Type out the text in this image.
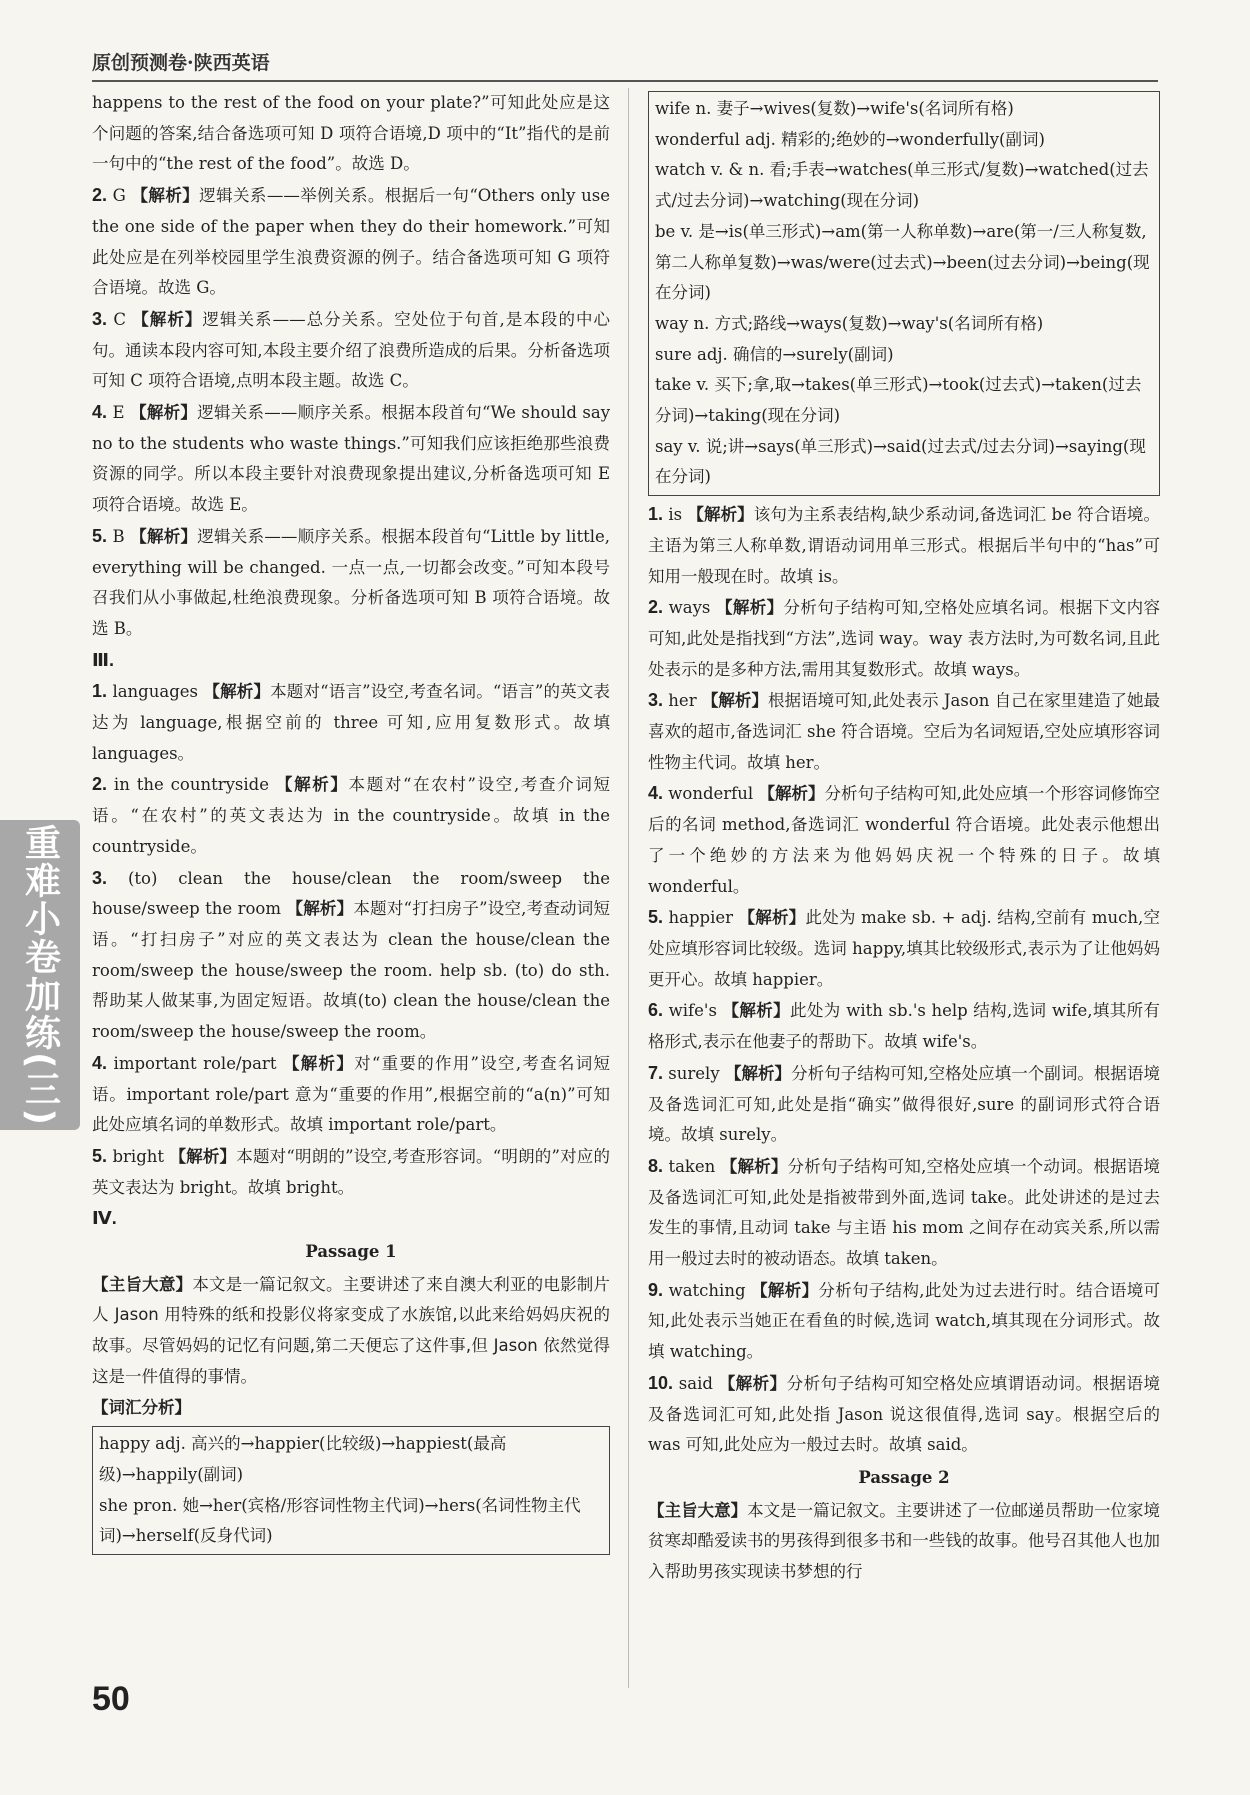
原创预测卷·陕西英语

happens to the rest of the food on your plate?”可知此处应是这个问题的答案,结合备选项可知 D 项符合语境,D 项中的“It”指代的是前一句中的“the rest of the food”。故选 D。

2. G 【解析】逻辑关系——举例关系。根据后一句“Others only use the one side of the paper when they do their homework.”可知此处应是在列举校园里学生浪费资源的例子。结合备选项可知 G 项符合语境。故选 G。

3. C 【解析】逻辑关系——总分关系。空处位于句首,是本段的中心句。通读本段内容可知,本段主要介绍了浪费所造成的后果。分析备选项可知 C 项符合语境,点明本段主题。故选 C。

4. E 【解析】逻辑关系——顺序关系。根据本段首句“We should say no to the students who waste things.”可知我们应该拒绝那些浪费资源的同学。所以本段主要针对浪费现象提出建议,分析备选项可知 E 项符合语境。故选 E。

5. B 【解析】逻辑关系——顺序关系。根据本段首句“Little by little, everything will be changed. 一点一点,一切都会改变。”可知本段号召我们从小事做起,杜绝浪费现象。分析备选项可知 B 项符合语境。故选 B。

Ⅲ.

1. languages 【解析】本题对“语言”设空,考查名词。“语言”的英文表达为 language,根据空前的 three 可知,应用复数形式。故填 languages。

2. in the countryside 【解析】本题对“在农村”设空,考查介词短语。“在农村”的英文表达为 in the countryside。故填 in the countryside。

3. (to) clean the house/clean the room/sweep the house/sweep the room 【解析】本题对“打扫房子”设空,考查动词短语。“打扫房子”对应的英文表达为 clean the house/clean the room/sweep the house/sweep the room. help sb. (to) do sth. 帮助某人做某事,为固定短语。故填(to) clean the house/clean the room/sweep the house/sweep the room。

4. important role/part 【解析】对“重要的作用”设空,考查名词短语。important role/part 意为“重要的作用”,根据空前的“a(n)”可知此处应填名词的单数形式。故填 important role/part。

5. bright 【解析】本题对“明朗的”设空,考查形容词。“明朗的”对应的英文表达为 bright。故填 bright。

Ⅳ.
Passage 1

【主旨大意】本文是一篇记叙文。主要讲述了来自澳大利亚的电影制片人 Jason 用特殊的纸和投影仪将家变成了水族馆,以此来给妈妈庆祝的故事。尽管妈妈的记忆有问题,第二天便忘了这件事,但 Jason 依然觉得这是一件值得的事情。

【词汇分析】
happy adj. 高兴的→happier(比较级)→happiest(最高级)→happily(副词)
she pron. 她→her(宾格/形容词性物主代词)→hers(名词性物主代词)→herself(反身代词)
wife n. 妻子→wives(复数)→wife's(名词所有格)
wonderful adj. 精彩的;绝妙的→wonderfully(副词)
watch v. & n. 看;手表→watches(单三形式/复数)→watched(过去式/过去分词)→watching(现在分词)
be v. 是→is(单三形式)→am(第一人称单数)→are(第一/三人称复数,第二人称单复数)→was/were(过去式)→been(过去分词)→being(现在分词)
way n. 方式;路线→ways(复数)→way's(名词所有格)
sure adj. 确信的→surely(副词)
take v. 买下;拿,取→takes(单三形式)→took(过去式)→taken(过去分词)→taking(现在分词)
say v. 说;讲→says(单三形式)→said(过去式/过去分词)→saying(现在分词)

1. is 【解析】该句为主系表结构,缺少系动词,备选词汇 be 符合语境。主语为第三人称单数,谓语动词用单三形式。根据后半句中的“has”可知用一般现在时。故填 is。

2. ways 【解析】分析句子结构可知,空格处应填名词。根据下文内容可知,此处是指找到“方法”,选词 way。way 表方法时,为可数名词,且此处表示的是多种方法,需用其复数形式。故填 ways。

3. her 【解析】根据语境可知,此处表示 Jason 自己在家里建造了她最喜欢的超市,备选词汇 she 符合语境。空后为名词短语,空处应填形容词性物主代词。故填 her。

4. wonderful 【解析】分析句子结构可知,此处应填一个形容词修饰空后的名词 method,备选词汇 wonderful 符合语境。此处表示他想出了一个绝妙的方法来为他妈妈庆祝一个特殊的日子。故填 wonderful。

5. happier 【解析】此处为 make sb. + adj. 结构,空前有 much,空处应填形容词比较级。选词 happy,填其比较级形式,表示为了让他妈妈更开心。故填 happier。

6. wife's 【解析】此处为 with sb.'s help 结构,选词 wife,填其所有格形式,表示在他妻子的帮助下。故填 wife's。

7. surely 【解析】分析句子结构可知,空格处应填一个副词。根据语境及备选词汇可知,此处是指“确实”做得很好,sure 的副词形式符合语境。故填 surely。

8. taken 【解析】分析句子结构可知,空格处应填一个动词。根据语境及备选词汇可知,此处是指被带到外面,选词 take。此处讲述的是过去发生的事情,且动词 take 与主语 his mom 之间存在动宾关系,所以需用一般过去时的被动语态。故填 taken。

9. watching 【解析】分析句子结构,此处为过去进行时。结合语境可知,此处表示当她正在看鱼的时候,选词 watch,填其现在分词形式。故填 watching。

10. said 【解析】分析句子结构可知空格处应填谓语动词。根据语境及备选词汇可知,此处指 Jason 说这很值得,选词 say。根据空后的 was 可知,此处应为一般过去时。故填 said。

Passage 2

【主旨大意】本文是一篇记叙文。主要讲述了一位邮递员帮助一位家境贫寒却酷爱读书的男孩得到很多书和一些钱的故事。他号召其他人也加入帮助男孩实现读书梦想的行

重难小卷加练(三)
50
